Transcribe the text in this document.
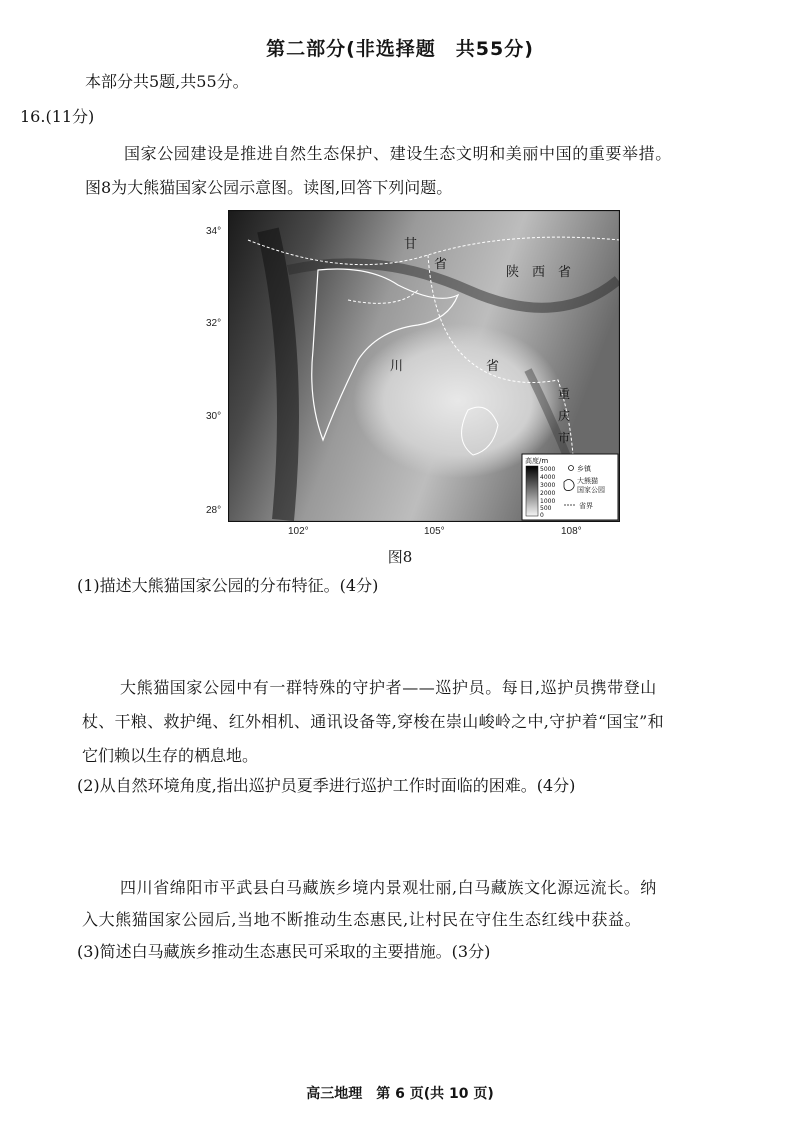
第二部分(非选择题　共55分)
本部分共5题,共55分。
16.(11分)
国家公园建设是推进自然生态保护、建设生态文明和美丽中国的重要举措。
图8为大熊猫国家公园示意图。读图,回答下列问题。
甘
省
陕　西　省
川	省
重
庆
市
高度/m
5000
4000
3000
2000
1000
500
0
乡镇
大熊猫
国家公园
省界
34°
32°
30°
28°
102°	105°	108°
图8
(1)描述大熊猫国家公园的分布特征。(4分)
大熊猫国家公园中有一群特殊的守护者——巡护员。每日,巡护员携带登山
杖、干粮、救护绳、红外相机、通讯设备等,穿梭在崇山峻岭之中,守护着“国宝”和
它们赖以生存的栖息地。
(2)从自然环境角度,指出巡护员夏季进行巡护工作时面临的困难。(4分)
四川省绵阳市平武县白马藏族乡境内景观壮丽,白马藏族文化源远流长。纳
入大熊猫国家公园后,当地不断推动生态惠民,让村民在守住生态红线中获益。
(3)简述白马藏族乡推动生态惠民可采取的主要措施。(3分)
高三地理　第 6 页(共 10 页)
